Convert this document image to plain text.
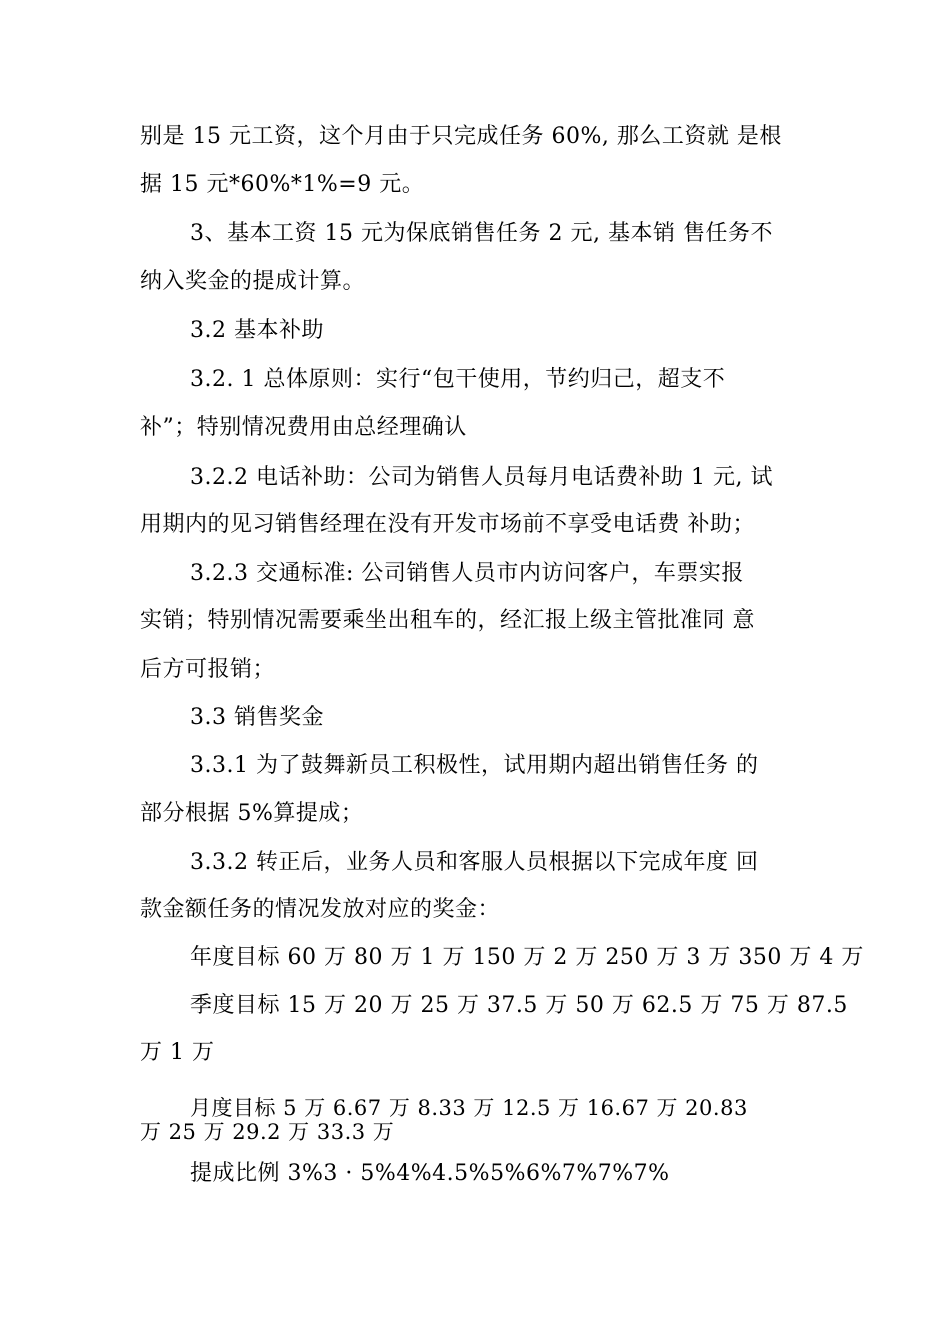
别是 15 元工资，这个月由于只完成任务 60%, 那么工资就 是根
据 15 元*60%*1%=9 元。
3、基本工资 15 元为保底销售任务 2 元, 基本销 售任务不
纳入奖金的提成计算。
3.2 基本补助
3.2. 1 总体原则：实行“包干使用，节约归己，超支不
补”；特别情况费用由总经理确认
3.2.2 电话补助：公司为销售人员每月电话费补助 1 元, 试
用期内的见习销售经理在没有开发市场前不享受电话费 补助；
3.2.3 交通标准: 公司销售人员市内访问客户，车票实报
实销；特别情况需要乘坐出租车的，经汇报上级主管批准同 意
后方可报销；
3.3 销售奖金
3.3.1 为了鼓舞新员工积极性，试用期内超出销售任务 的
部分根据 5%算提成；
3.3.2 转正后，业务人员和客服人员根据以下完成年度 回
款金额任务的情况发放对应的奖金：
年度目标 60 万 80 万 1 万 150 万 2 万 250 万 3 万 350 万 4 万
季度目标 15 万 20 万 25 万 37.5 万 50 万 62.5 万 75 万 87.5
万 1 万
月度目标 5 万 6.67 万 8.33 万 12.5 万 16.67 万 20.83
万 25 万 29.2 万 33.3 万
提成比例 3%3 · 5%4%4.5%5%6%7%7%7%
